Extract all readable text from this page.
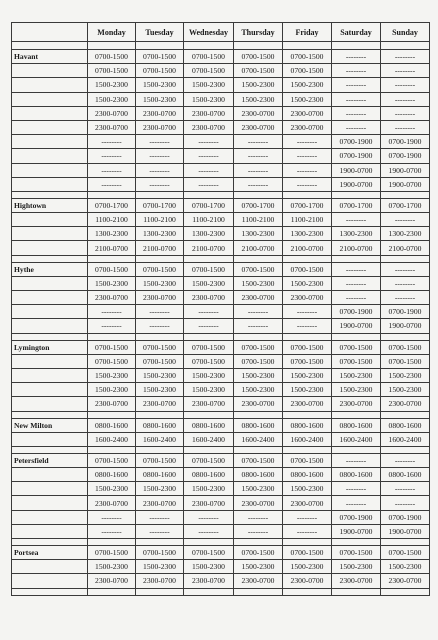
	Monday	Tuesday	Wednesday	Thursday	Friday	Saturday	Sunday

Havant	0700-1500	0700-1500	0700-1500	0700-1500	0700-1500	--------	--------
	0700-1500	0700-1500	0700-1500	0700-1500	0700-1500	--------	--------
	1500-2300	1500-2300	1500-2300	1500-2300	1500-2300	--------	--------
	1500-2300	1500-2300	1500-2300	1500-2300	1500-2300	--------	--------
	2300-0700	2300-0700	2300-0700	2300-0700	2300-0700	--------	--------
	2300-0700	2300-0700	2300-0700	2300-0700	2300-0700	--------	--------
	--------	--------	--------	--------	--------	0700-1900	0700-1900
	--------	--------	--------	--------	--------	0700-1900	0700-1900
	--------	--------	--------	--------	--------	1900-0700	1900-0700
	--------	--------	--------	--------	--------	1900-0700	1900-0700

Hightown	0700-1700	0700-1700	0700-1700	0700-1700	0700-1700	0700-1700	0700-1700
	1100-2100	1100-2100	1100-2100	1100-2100	1100-2100	--------	--------
	1300-2300	1300-2300	1300-2300	1300-2300	1300-2300	1300-2300	1300-2300
	2100-0700	2100-0700	2100-0700	2100-0700	2100-0700	2100-0700	2100-0700

Hythe	0700-1500	0700-1500	0700-1500	0700-1500	0700-1500	--------	--------
	1500-2300	1500-2300	1500-2300	1500-2300	1500-2300	--------	--------
	2300-0700	2300-0700	2300-0700	2300-0700	2300-0700	--------	--------
	--------	--------	--------	--------	--------	0700-1900	0700-1900
	--------	--------	--------	--------	--------	1900-0700	1900-0700

Lymington	0700-1500	0700-1500	0700-1500	0700-1500	0700-1500	0700-1500	0700-1500
	0700-1500	0700-1500	0700-1500	0700-1500	0700-1500	0700-1500	0700-1500
	1500-2300	1500-2300	1500-2300	1500-2300	1500-2300	1500-2300	1500-2300
	1500-2300	1500-2300	1500-2300	1500-2300	1500-2300	1500-2300	1500-2300
	2300-0700	2300-0700	2300-0700	2300-0700	2300-0700	2300-0700	2300-0700

New Milton	0800-1600	0800-1600	0800-1600	0800-1600	0800-1600	0800-1600	0800-1600
	1600-2400	1600-2400	1600-2400	1600-2400	1600-2400	1600-2400	1600-2400

Petersfield	0700-1500	0700-1500	0700-1500	0700-1500	0700-1500	--------	--------
	0800-1600	0800-1600	0800-1600	0800-1600	0800-1600	0800-1600	0800-1600
	1500-2300	1500-2300	1500-2300	1500-2300	1500-2300	--------	--------
	2300-0700	2300-0700	2300-0700	2300-0700	2300-0700	--------	--------
	--------	--------	--------	--------	--------	0700-1900	0700-1900
	--------	--------	--------	--------	--------	1900-0700	1900-0700

Portsea	0700-1500	0700-1500	0700-1500	0700-1500	0700-1500	0700-1500	0700-1500
	1500-2300	1500-2300	1500-2300	1500-2300	1500-2300	1500-2300	1500-2300
	2300-0700	2300-0700	2300-0700	2300-0700	2300-0700	2300-0700	2300-0700
